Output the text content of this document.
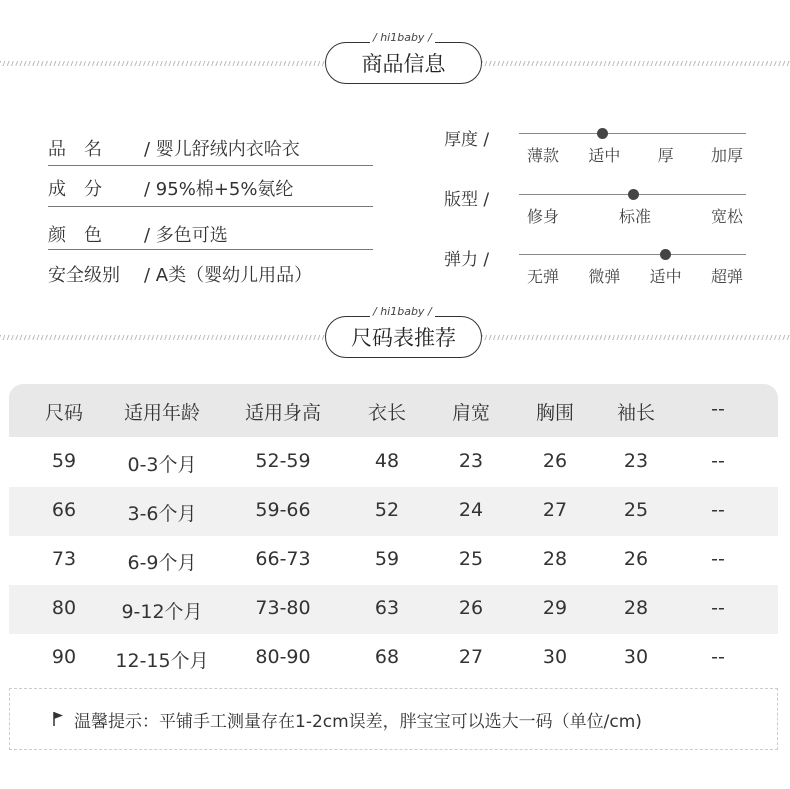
商品信息
/ hi1baby /
品　名 / 婴儿舒绒内衣哈衣
成　分 / 95%棉+5%氨纶
颜　色 / 多色可选
安全级别 / A类（婴幼儿用品）
厚度 /
薄款 适中 厚 加厚
版型 /
修身	标准	宽松
弹力 /
无弹 微弹 适中 超弹
尺码表推荐
/ hi1baby /
尺码 适用年龄 适用身高 衣长 肩宽 胸围 袖长	--
59	0-3个月	52-59	48	23	26	23	--
66	3-6个月	59-66	52	24	27	25	--
73	6-9个月	66-73	59	25	28	26	--
80 9-12个月	73-80	63	26	29	28	--
90 12-15个月 80-90	68	27	30	30	--
温馨提示：平铺手工测量存在1-2cm误差，胖宝宝可以选大一码（单位/cm)
